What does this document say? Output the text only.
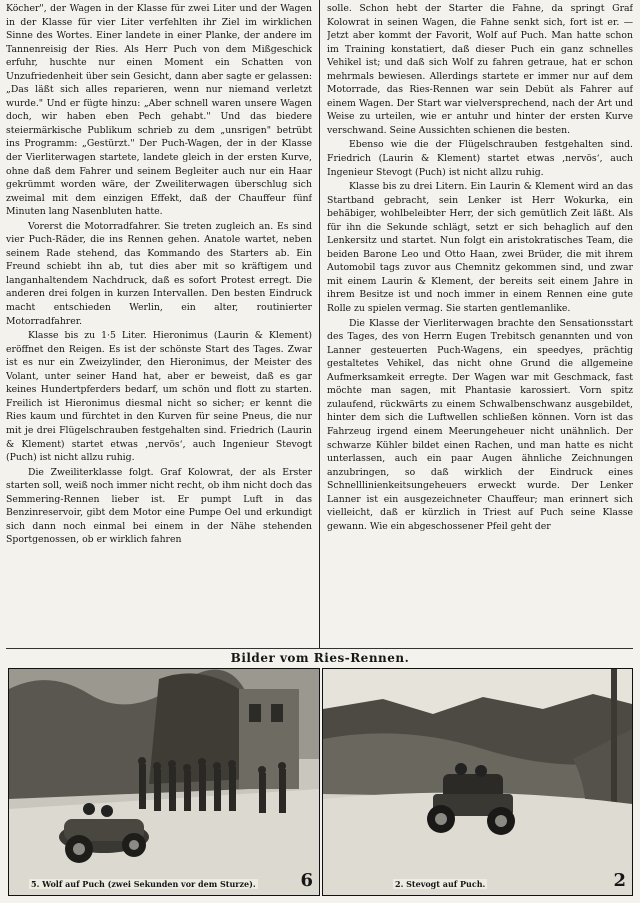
Köcher", der Wagen in der Klasse für zwei Liter und der Wagen in der Klasse für vier Liter verfehlten ihr Ziel im wirklichen Sinne des Wortes. Einer landete in einer Planke, der andere im Tannenreisig der Ries. Als Herr Puch von dem Mißgeschick erfuhr, huschte nur einen Moment ein Schatten von Unzufriedenheit über sein Gesicht, dann aber sagte er gelassen: „Das läßt sich alles reparieren, wenn nur niemand verletzt wurde." Und er fügte hinzu: „Aber schnell waren unsere Wagen doch, wir haben eben Pech gehabt." Und das biedere steiermärkische Publikum schrieb zu dem „unsrigen" betrübt ins Programm: „Gestürzt." Der Puch-Wagen, der in der Klasse der Vierliterwagen startete, landete gleich in der ersten Kurve, ohne daß dem Fahrer und seinem Begleiter auch nur ein Haar gekrümmt worden wäre, der Zweiliterwagen überschlug sich zweimal mit dem einzigen Effekt, daß der Chauffeur fünf Minuten lang Nasenbluten hatte.

Vorerst die Motorradfahrer. Sie treten zugleich an. Es sind vier Puch-Räder, die ins Rennen gehen. Anatole wartet, neben seinem Rade stehend, das Kommando des Starters ab. Ein Freund schiebt ihn ab, tut dies aber mit so kräftigem und langanhaltendem Nachdruck, daß es sofort Protest erregt. Die anderen drei folgen in kurzen Intervallen. Den besten Eindruck macht entschieden Werlin, ein alter, routinierter Motorradfahrer.

Klasse bis zu 1·5 Liter. Hieronimus (Laurin & Klement) eröffnet den Reigen. Es ist der schönste Start des Tages. Zwar ist es nur ein Zweizylinder, den Hieronimus, der Meister des Volant, unter seiner Hand hat, aber er beweist, daß es gar keines Hundertpferders bedarf, um schön und flott zu starten. Freilich ist Hieronimus diesmal nicht so sicher; er kennt die Ries kaum und fürchtet in den Kurven für seine Pneus, die nur mit je drei Flügelschrauben festgehalten sind. Friedrich (Laurin & Klement) startet etwas ‚nervös‘, auch Ingenieur Stevogt (Puch) ist nicht allzu ruhig.

Die Zweiliterklasse folgt. Graf Kolowrat, der als Erster starten soll, weiß noch immer nicht recht, ob ihm nicht doch das Semmering-Rennen lieber ist. Er pumpt Luft in das Benzinreservoir, gibt dem Motor eine Pumpe Oel und erkundigt sich dann noch einmal bei einem in der Nähe stehenden Sportgenossen, ob er wirklich fahren

solle. Schon hebt der Starter die Fahne, da springt Graf Kolowrat in seinen Wagen, die Fahne senkt sich, fort ist er. — Jetzt aber kommt der Favorit, Wolf auf Puch. Man hatte schon im Training konstatiert, daß dieser Puch ein ganz schnelles Vehikel ist; und daß sich Wolf zu fahren getraue, hat er schon mehrmals bewiesen. Allerdings startete er immer nur auf dem Motorrade, das Ries-Rennen war sein Debüt als Fahrer auf einem Wagen. Der Start war vielversprechend, nach der Art und Weise zu urteilen, wie er antuhr und hinter der ersten Kurve verschwand. Seine Aussichten schienen die besten.

Ebenso wie die der Flügelschrauben festgehalten sind. Friedrich (Laurin & Klement) startet etwas ‚nervös‘, auch Ingenieur Stevogt (Puch) ist nicht allzu ruhig.

Klasse bis zu drei Litern. Ein Laurin & Klement wird an das Startband gebracht, sein Lenker ist Herr Wokurka, ein behäbiger, wohlbeleibter Herr, der sich gemütlich Zeit läßt. Als für ihn die Sekunde schlägt, setzt er sich behaglich auf den Lenkersitz und startet. Nun folgt ein aristokratisches Team, die beiden Barone Leo und Otto Haan, zwei Brüder, die mit ihrem Automobil tags zuvor aus Chemnitz gekommen sind, und zwar mit einem Laurin & Klement, der bereits seit einem Jahre in ihrem Besitze ist und noch immer in einem Rennen eine gute Rolle zu spielen vermag. Sie starten gentlemanlike.

Die Klasse der Vierliterwagen brachte den Sensationsstart des Tages, des von Herrn Eugen Trebitsch genannten und von Lanner gesteuerten Puch-Wagens, ein speedyes, prächtig gestaltetes Vehikel, das nicht ohne Grund die allgemeine Aufmerksamkeit erregte. Der Wagen war mit Geschmack, fast möchte man sagen, mit Phantasie karossiert. Vorn spitz zulaufend, rückwärts zu einem Schwalbenschwanz ausgebildet, hinter dem sich die Luftwellen schließen können. Vorn ist das Fahrzeug irgend einem Meerungeheuer nicht unähnlich. Der schwarze Kühler bildet einen Rachen, und man hatte es nicht unterlassen, auch ein paar Augen ähnliche Zeichnungen anzubringen, so daß wirklich der Eindruck eines Schnelllinienkeitsungeheuers erweckt wurde. Der Lenker Lanner ist ein ausgezeichneter Chauffeur; man erinnert sich vielleicht, daß er kürzlich in Triest auf Puch seine Klasse gewann. Wie ein abgeschossener Pfeil geht der

Bilder vom Ries-Rennen.
5. Wolf auf Puch (zwei Sekunden vor dem Sturze). 6	2. Stevogt auf Puch.	2
